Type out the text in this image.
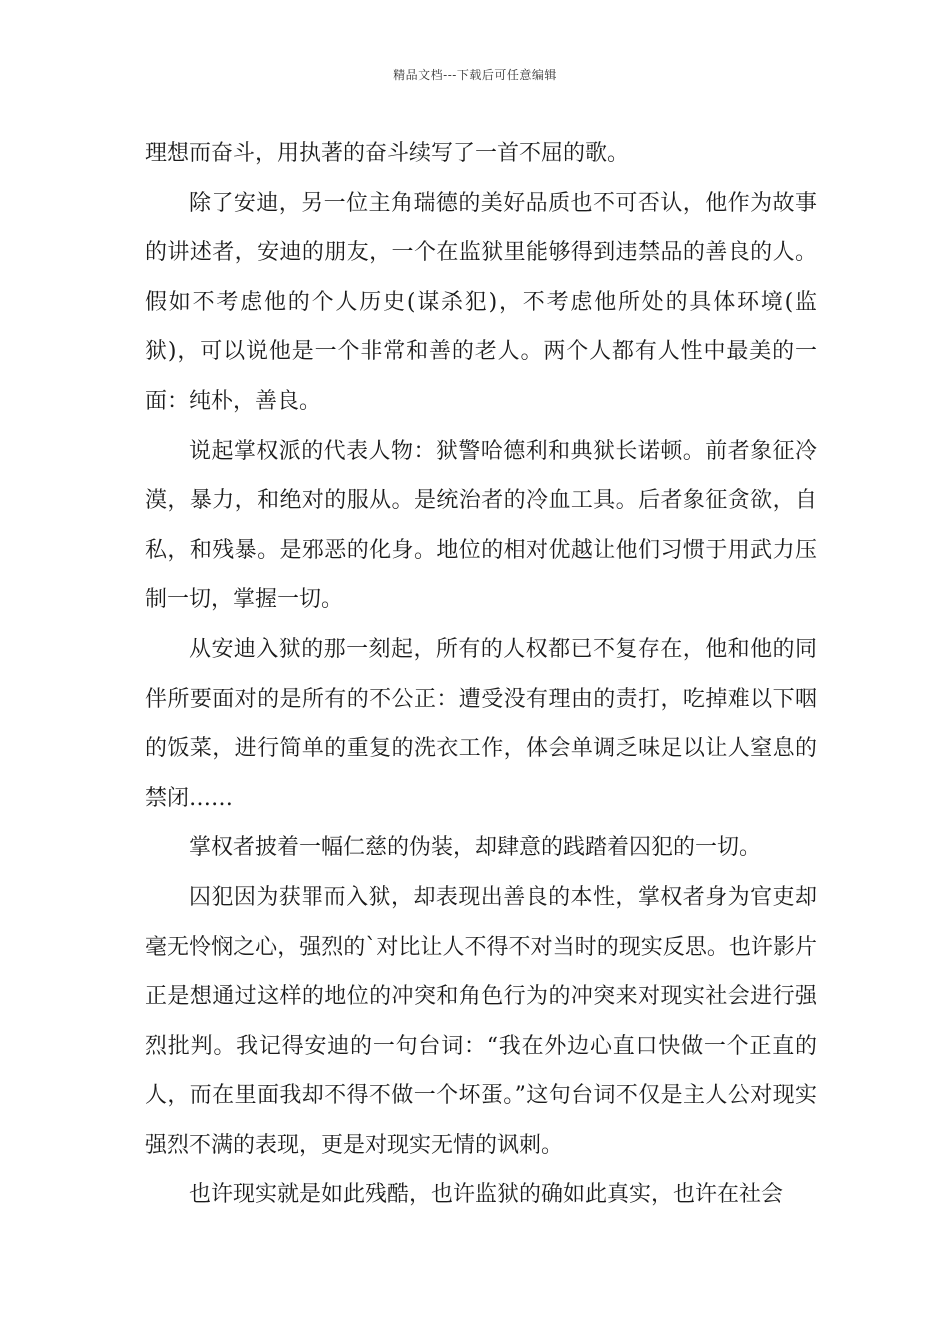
精品文档---下载后可任意编辑

理想而奋斗，用执著的奋斗续写了一首不屈的歌。

除了安迪，另一位主角瑞德的美好品质也不可否认，他作为故事的讲述者，安迪的朋友，一个在监狱里能够得到违禁品的善良的人。假如不考虑他的个人历史(谋杀犯)，不考虑他所处的具体环境(监狱)，可以说他是一个非常和善的老人。两个人都有人性中最美的一面：纯朴，善良。

说起掌权派的代表人物：狱警哈德利和典狱长诺顿。前者象征冷漠，暴力，和绝对的服从。是统治者的冷血工具。后者象征贪欲，自私，和残暴。是邪恶的化身。地位的相对优越让他们习惯于用武力压制一切，掌握一切。

从安迪入狱的那一刻起，所有的人权都已不复存在，他和他的同伴所要面对的是所有的不公正：遭受没有理由的责打，吃掉难以下咽的饭菜，进行简单的重复的洗衣工作，体会单调乏味足以让人窒息的禁闭……

掌权者披着一幅仁慈的伪装，却肆意的践踏着囚犯的一切。

囚犯因为获罪而入狱，却表现出善良的本性，掌权者身为官吏却毫无怜悯之心，强烈的`对比让人不得不对当时的现实反思。也许影片正是想通过这样的地位的冲突和角色行为的冲突来对现实社会进行强烈批判。我记得安迪的一句台词：“我在外边心直口快做一个正直的人，而在里面我却不得不做一个坏蛋。”这句台词不仅是主人公对现实强烈不满的表现，更是对现实无情的讽刺。

也许现实就是如此残酷，也许监狱的确如此真实，也许在社会
